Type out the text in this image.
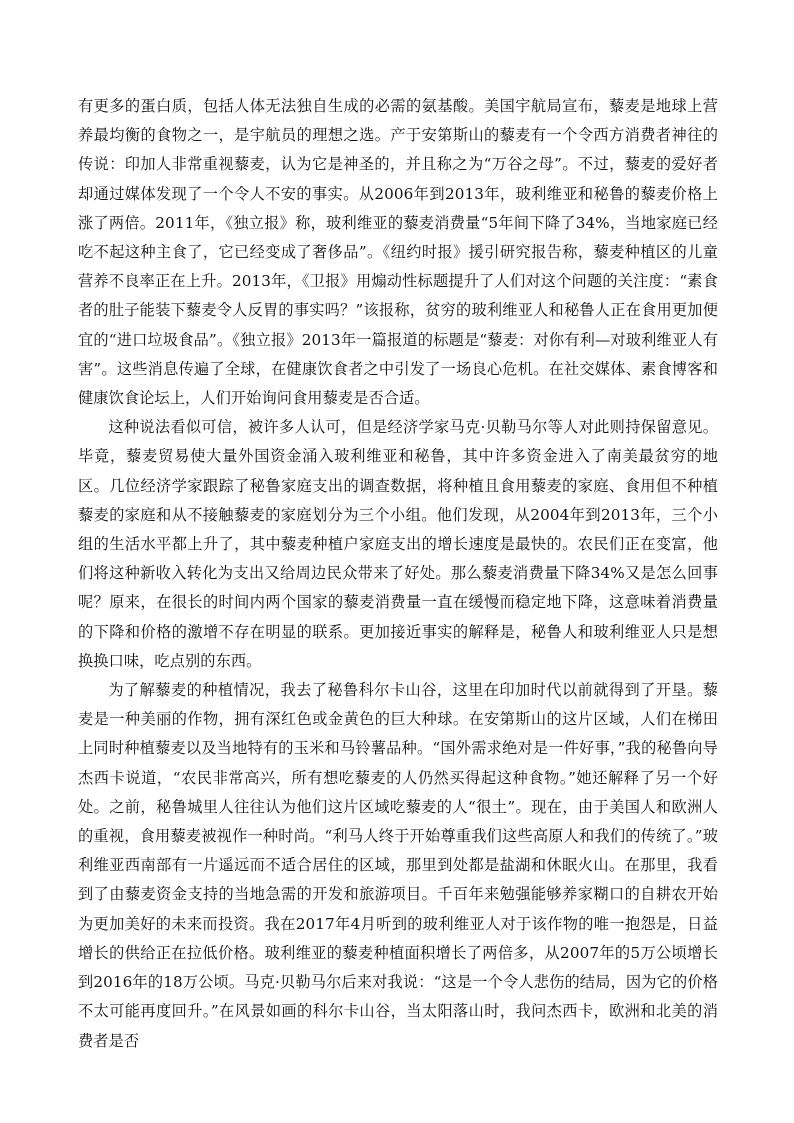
有更多的蛋白质，包括人体无法独自生成的必需的氨基酸。美国宇航局宣布，藜麦是地球上营养最均衡的食物之一，是宇航员的理想之选。产于安第斯山的藜麦有一个令西方消费者神往的传说：印加人非常重视藜麦，认为它是神圣的，并且称之为“万谷之母”。不过，藜麦的爱好者却通过媒体发现了一个令人不安的事实。从2006年到2013年，玻利维亚和秘鲁的藜麦价格上涨了两倍。2011年，《独立报》称，玻利维亚的藜麦消费量“5年间下降了34%，当地家庭已经吃不起这种主食了，它已经变成了奢侈品”。《纽约时报》援引研究报告称，藜麦种植区的儿童营养不良率正在上升。2013年，《卫报》用煽动性标题提升了人们对这个问题的关注度：“素食者的肚子能装下藜麦令人反胃的事实吗？”该报称，贫穷的玻利维亚人和秘鲁人正在食用更加便宜的“进口垃圾食品”。《独立报》2013年一篇报道的标题是“藜麦：对你有利—对玻利维亚人有害”。这些消息传遍了全球，在健康饮食者之中引发了一场良心危机。在社交媒体、素食博客和健康饮食论坛上，人们开始询问食用藜麦是否合适。

这种说法看似可信，被许多人认可，但是经济学家马克·贝勒马尔等人对此则持保留意见。毕竟，藜麦贸易使大量外国资金涌入玻利维亚和秘鲁，其中许多资金进入了南美最贫穷的地区。几位经济学家跟踪了秘鲁家庭支出的调查数据，将种植且食用藜麦的家庭、食用但不种植藜麦的家庭和从不接触藜麦的家庭划分为三个小组。他们发现，从2004年到2013年，三个小组的生活水平都上升了，其中藜麦种植户家庭支出的增长速度是最快的。农民们正在变富，他们将这种新收入转化为支出又给周边民众带来了好处。那么藜麦消费量下降34%又是怎么回事呢？原来，在很长的时间内两个国家的藜麦消费量一直在缓慢而稳定地下降，这意味着消费量的下降和价格的激增不存在明显的联系。更加接近事实的解释是，秘鲁人和玻利维亚人只是想换换口味，吃点别的东西。

为了解藜麦的种植情况，我去了秘鲁科尔卡山谷，这里在印加时代以前就得到了开垦。藜麦是一种美丽的作物，拥有深红色或金黄色的巨大种球。在安第斯山的这片区域，人们在梯田上同时种植藜麦以及当地特有的玉米和马铃薯品种。“国外需求绝对是一件好事，”我的秘鲁向导杰西卡说道，“农民非常高兴，所有想吃藜麦的人仍然买得起这种食物。”她还解释了另一个好处。之前，秘鲁城里人往往认为他们这片区域吃藜麦的人“很土”。现在，由于美国人和欧洲人的重视，食用藜麦被视作一种时尚。“利马人终于开始尊重我们这些高原人和我们的传统了。”玻利维亚西南部有一片遥远而不适合居住的区域，那里到处都是盐湖和休眠火山。在那里，我看到了由藜麦资金支持的当地急需的开发和旅游项目。千百年来勉强能够养家糊口的自耕农开始为更加美好的未来而投资。我在2017年4月听到的玻利维亚人对于该作物的唯一抱怨是，日益增长的供给正在拉低价格。玻利维亚的藜麦种植面积增长了两倍多，从2007年的5万公顷增长到2016年的18万公顷。马克·贝勒马尔后来对我说：“这是一个令人悲伤的结局，因为它的价格不太可能再度回升。”在风景如画的科尔卡山谷，当太阳落山时，我问杰西卡，欧洲和北美的消费者是否
